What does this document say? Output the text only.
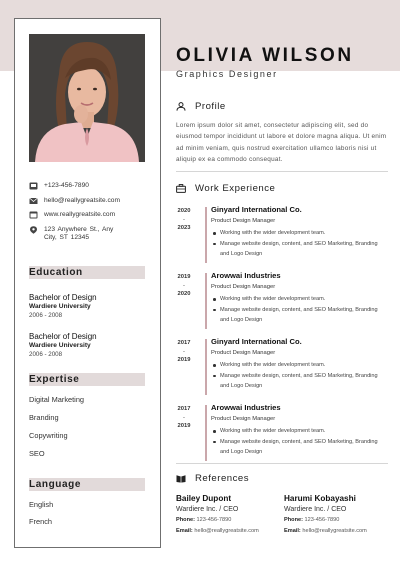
+123-456-7890
hello@reallygreatsite.com
www.reallygreatsite.com
123 Anywhere St., Any City, ST 12345
Education
Bachelor of Design
Wardiere University
2006 - 2008
Bachelor of Design
Wardiere University
2006 - 2008
Expertise
Digital Marketing
Branding
Copywriting
SEO
Language
English
French
OLIVIA WILSON
Graphics Designer
Profile
Lorem ipsum dolor sit amet, consectetur adipiscing elit, sed do eiusmod tempor incididunt ut labore et dolore magna aliqua. Ut enim ad minim veniam, quis nostrud exercitation ullamco laboris nisi ut aliquip ex ea commodo consequat.
Work Experience
2020
-
2023
Ginyard International Co.
Product Design Manager
Working with the wider development team.
Manage website design, content, and SEO Marketing, Branding and Logo Design
2019
-
2020
Arowwai Industries
Product Design Manager
Working with the wider development team.
Manage website design, content, and SEO Marketing, Branding and Logo Design
2017
-
2019
Ginyard International Co.
Product Design Manager
Working with the wider development team.
Manage website design, content, and SEO Marketing, Branding and Logo Design
2017
-
2019
Arowwai Industries
Product Design Manager
Working with the wider development team.
Manage website design, content, and SEO Marketing, Branding and Logo Design
References
Bailey Dupont
Wardiere Inc. / CEO
Phone: 123-456-7890
Email: hello@reallygreatsite.com
Harumi Kobayashi
Wardiere Inc. / CEO
Phone: 123-456-7890
Email: hello@reallygreatsite.com
